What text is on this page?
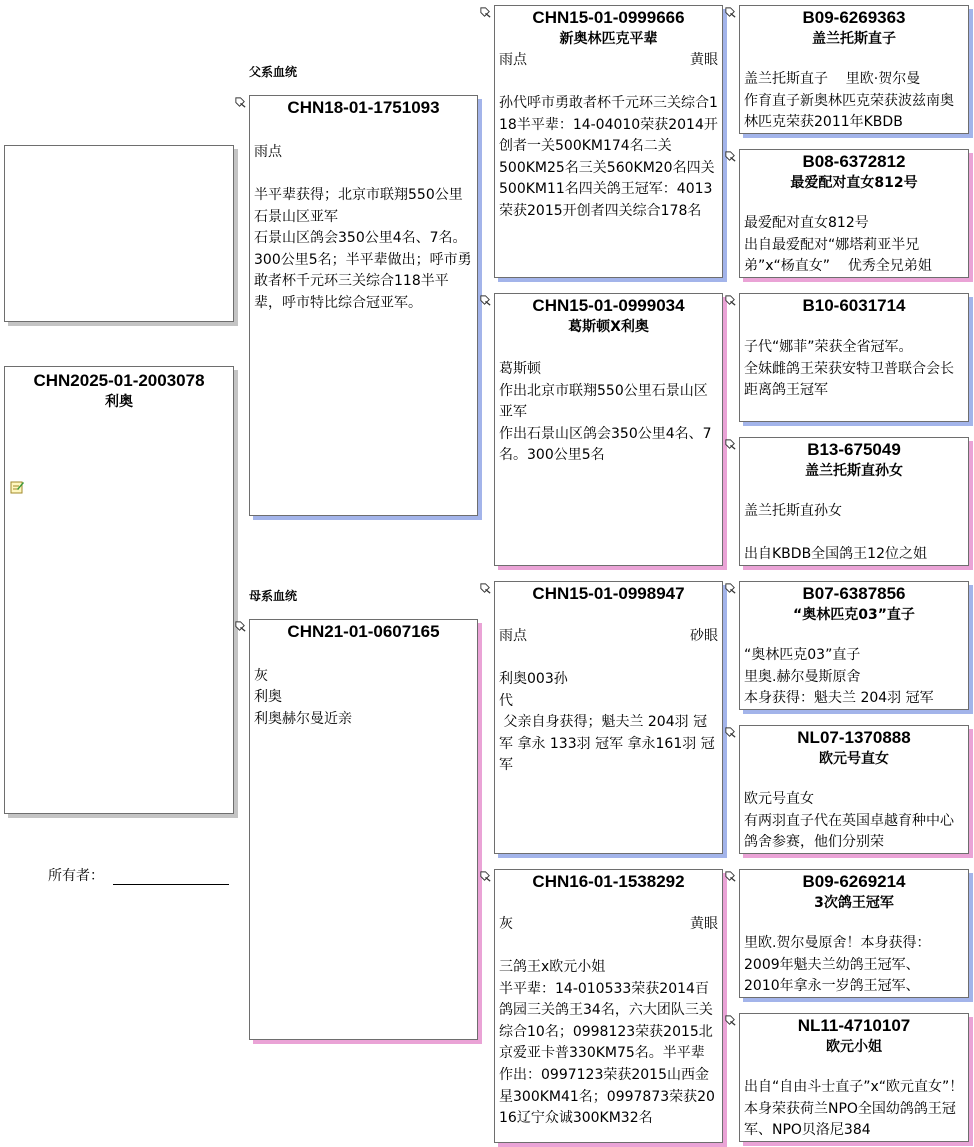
父系血统
母系血统
CHN2025-01-2003078
利奥
所有者：
CHN18-01-1751093
雨点
半平辈获得；北京市联翔550公里石景山区亚军
石景山区鸽会350公里4名、7名。300公里5名；半平辈做出；呼市勇敢者杯千元环三关综合118半平辈，呼市特比综合冠亚军。
CHN21-01-0607165
灰
利奥
利奥赫尔曼近亲
CHN15-01-0999666
新奥林匹克平辈
雨点	黄眼
孙代呼市勇敢者杯千元环三关综合118半平辈：14-04010荣获2014开创者一关500KM174名二关
500KM25名三关560KM20名四关
500KM11名四关鸽王冠军：4013荣获2015开创者四关综合178名
CHN15-01-0999034
葛斯顿X利奥
葛斯顿
作出北京市联翔550公里石景山区亚军
作出石景山区鸽会350公里4名、7名。300公里5名
CHN15-01-0998947
雨点	砂眼
利奥003孙
代
父亲自身获得；魁夫兰 204羽 冠军 拿永 133羽 冠军 拿永161羽 冠军
CHN16-01-1538292
灰	黄眼
三鸽王x欧元小姐
半平辈：14-010533荣获2014百鸽园三关鸽王34名，六大团队三关综合10名；0998123荣获2015北京爱亚卡普330KM75名。半平辈作出：0997123荣获2015山西金星300KM41名；0997873荣获2016辽宁众诚300KM32名
B09-6269363
盖兰托斯直子
盖兰托斯直子    里欧·贺尔曼
作育直子新奥林匹克荣获波兹南奥林匹克荣获2011年KBDB
B08-6372812
最爱配对直女812号
最爱配对直女812号
出自最爱配对“娜塔莉亚半兄弟”x“杨直女”    优秀全兄弟姐
B10-6031714
子代“娜菲”荣获全省冠军。
全妹雌鸽王荣获安特卫普联合会长距离鸽王冠军
B13-675049
盖兰托斯直孙女
盖兰托斯直孙女

出自KBDB全国鸽王12位之姐
B07-6387856
“奥林匹克03”直子
“奥林匹克03”直子
里奥.赫尔曼斯原舍
本身获得：魁夫兰 204羽 冠军
NL07-1370888
欧元号直女
欧元号直女
有两羽直子代在英国卓越育种中心鸽舍参赛，他们分别荣
B09-6269214
3次鸽王冠军
里欧.贺尔曼原舍！本身获得：
2009年魁夫兰幼鸽王冠军、
2010年拿永一岁鸽王冠军、
NL11-4710107
欧元小姐
出自“自由斗士直子”x“欧元直女”！本身荣获荷兰NPO全国幼鸽鸽王冠军、NPO贝洛尼384
